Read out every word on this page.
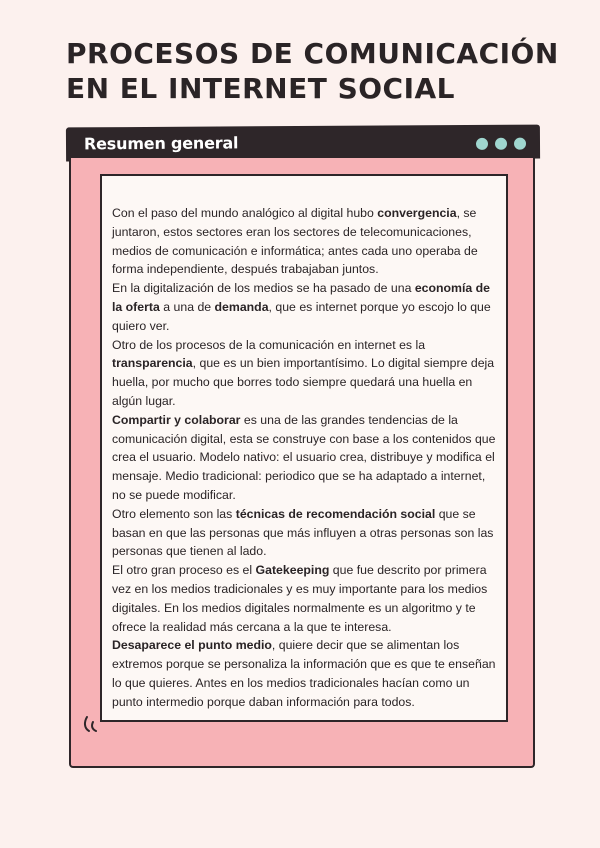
PROCESOS DE COMUNICACIÓN EN EL INTERNET SOCIAL
Resumen general

Con el paso del mundo analógico al digital hubo convergencia, se juntaron, estos sectores eran los sectores de telecomunicaciones, medios de comunicación e informática; antes cada uno operaba de forma independiente, después trabajaban juntos.

En la digitalización de los medios se ha pasado de una economía de la oferta a una de demanda, que es internet porque yo escojo lo que quiero ver.

Otro de los procesos de la comunicación en internet es la transparencia, que es un bien importantísimo. Lo digital siempre deja huella, por mucho que borres todo siempre quedará una huella en algún lugar.

Compartir y colaborar es una de las grandes tendencias de la comunicación digital, esta se construye con base a los contenidos que crea el usuario. Modelo nativo: el usuario crea, distribuye y modifica el mensaje. Medio tradicional: periodico que se ha adaptado a internet, no se puede modificar.

Otro elemento son las técnicas de recomendación social que se basan en que las personas que más influyen a otras personas son las personas que tienen al lado.

El otro gran proceso es el Gatekeeping que fue descrito por primera vez en los medios tradicionales y es muy importante para los medios digitales. En los medios digitales normalmente es un algoritmo y te ofrece la realidad más cercana a la que te interesa.

Desaparece el punto medio, quiere decir que se alimentan los extremos porque se personaliza la información que es que te enseñan lo que quieres. Antes en los medios tradicionales hacían como un punto intermedio porque daban información para todos.
